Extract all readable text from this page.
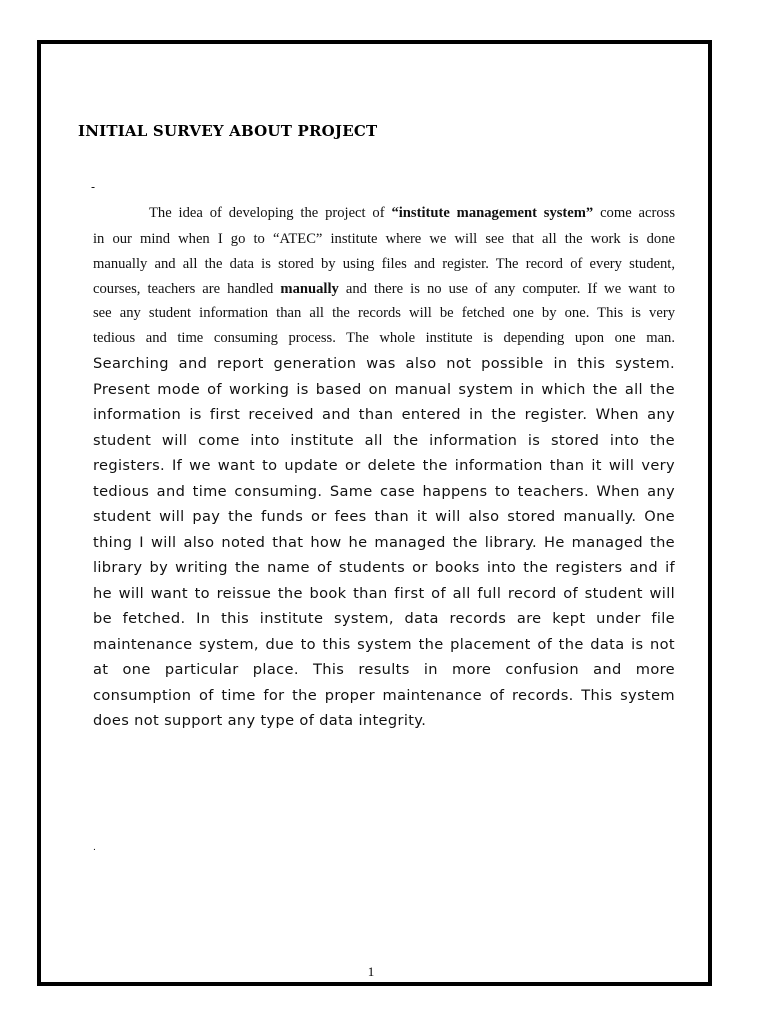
INITIAL SURVEY ABOUT PROJECT
-
The idea of developing the project of “institute management system” come across
in our mind when I go to “ATEC” institute where we will see that all the work is done
manually and all the data is stored by using files and register. The record of every student,
courses, teachers are handled manually and there is no use of any computer. If we want to
see any student information than all the records will be fetched one by one. This is very
tedious and time consuming process. The whole institute is depending upon one man.
Searching and report generation was also not possible in this system.
Present mode of working is based on manual system in which the all the
information is first received and than entered in the register. When any
student will come into institute all the information is stored into the
registers. If we want to update or delete the information than it will very
tedious and time consuming. Same case happens to teachers. When any
student will pay the funds or fees than it will also stored manually. One
thing I will also noted that how he managed the library. He managed the
library by writing the name of students or books into the registers and if
he will want to reissue the book than first of all full record of student will
be fetched. In this institute system, data records are kept under file
maintenance system, due to this system the placement of the data is not
at one particular place. This results in more confusion and more
consumption of time for the proper maintenance of records. This system
does not support any type of data integrity.
.
1
